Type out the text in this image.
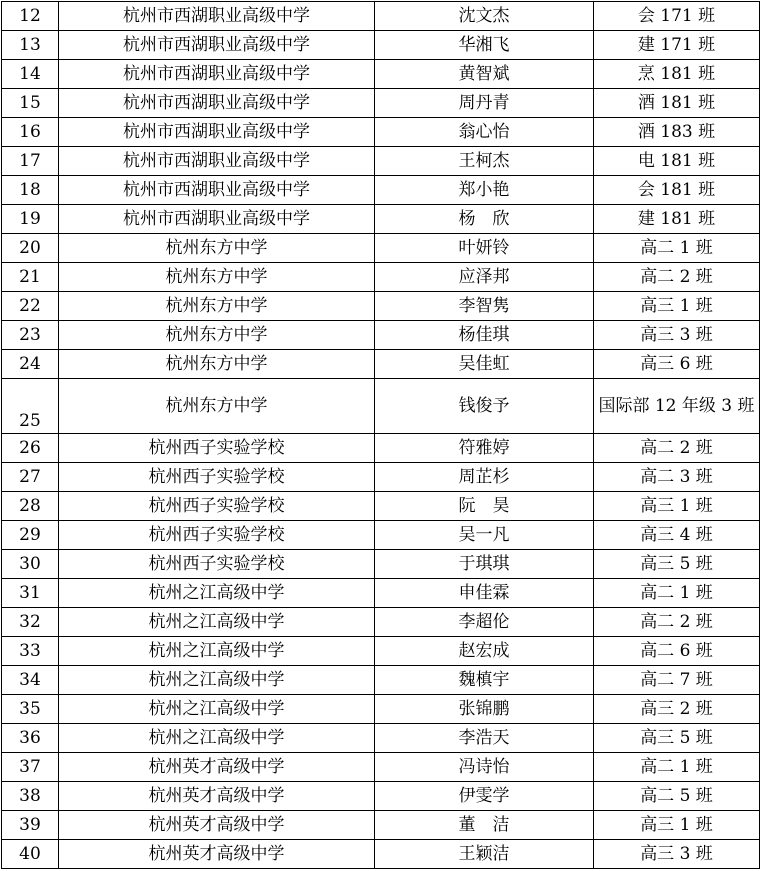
12	杭州市西湖职业高级中学	沈文杰	会 171 班
13	杭州市西湖职业高级中学	华湘飞	建 171 班
14	杭州市西湖职业高级中学	黄智斌	烹 181 班
15	杭州市西湖职业高级中学	周丹青	酒 181 班
16	杭州市西湖职业高级中学	翁心怡	酒 183 班
17	杭州市西湖职业高级中学	王柯杰	电 181 班
18	杭州市西湖职业高级中学	郑小艳	会 181 班
19	杭州市西湖职业高级中学	杨　欣	建 181 班
20	杭州东方中学	叶妍铃	高二 1 班
21	杭州东方中学	应泽邦	高二 2 班
22	杭州东方中学	李智隽	高三 1 班
23	杭州东方中学	杨佳琪	高三 3 班
24	杭州东方中学	吴佳虹	高三 6 班
25	杭州东方中学	钱俊予	国际部 12 年级 3 班
26	杭州西子实验学校	符雅婷	高二 2 班
27	杭州西子实验学校	周芷杉	高二 3 班
28	杭州西子实验学校	阮　昊	高三 1 班
29	杭州西子实验学校	吴一凡	高三 4 班
30	杭州西子实验学校	于琪琪	高三 5 班
31	杭州之江高级中学	申佳霖	高二 1 班
32	杭州之江高级中学	李超伦	高二 2 班
33	杭州之江高级中学	赵宏成	高二 6 班
34	杭州之江高级中学	魏槙宇	高二 7 班
35	杭州之江高级中学	张锦鹏	高三 2 班
36	杭州之江高级中学	李浩天	高三 5 班
37	杭州英才高级中学	冯诗怡	高二 1 班
38	杭州英才高级中学	伊雯学	高二 5 班
39	杭州英才高级中学	董　洁	高三 1 班
40	杭州英才高级中学	王颖洁	高三 3 班
